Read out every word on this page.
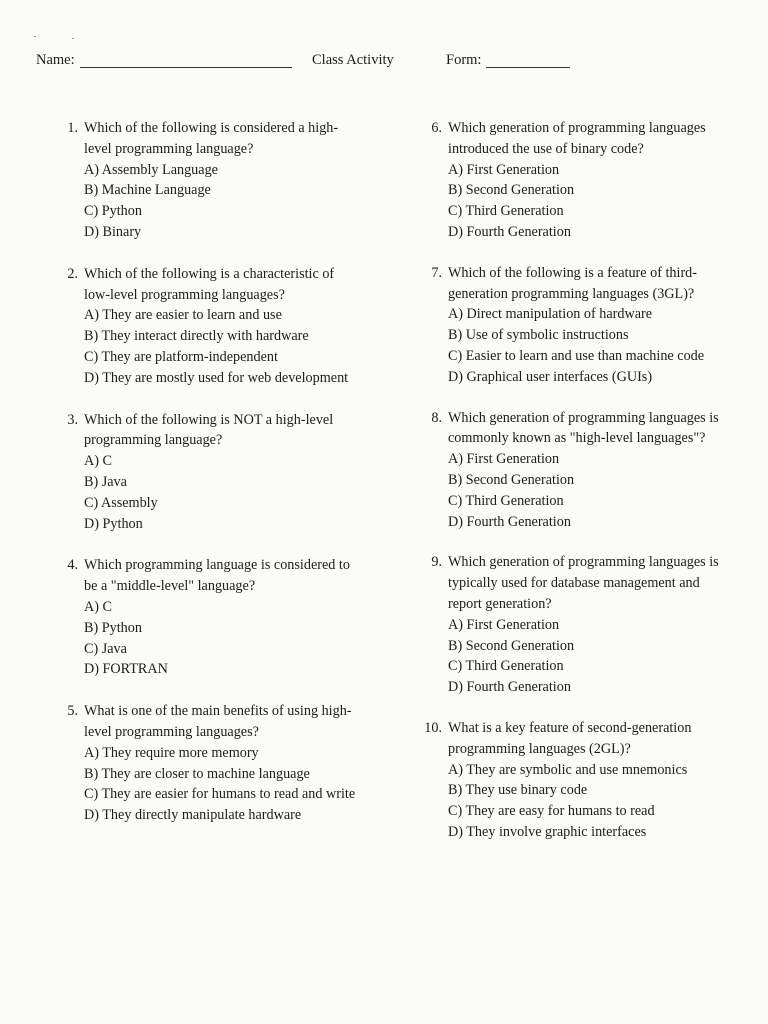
Name:	Class Activity	Form:
1. Which of the following is considered a high-level programming language?
A) Assembly Language
B) Machine Language
C) Python
D) Binary
2. Which of the following is a characteristic of low-level programming languages?
A) They are easier to learn and use
B) They interact directly with hardware
C) They are platform-independent
D) They are mostly used for web development
3. Which of the following is NOT a high-level programming language?
A) C
B) Java
C) Assembly
D) Python
4. Which programming language is considered to be a "middle-level" language?
A) C
B) Python
C) Java
D) FORTRAN
5. What is one of the main benefits of using high-level programming languages?
A) They require more memory
B) They are closer to machine language
C) They are easier for humans to read and write
D) They directly manipulate hardware
6. Which generation of programming languages introduced the use of binary code?
A) First Generation
B) Second Generation
C) Third Generation
D) Fourth Generation
7. Which of the following is a feature of third-generation programming languages (3GL)?
A) Direct manipulation of hardware
B) Use of symbolic instructions
C) Easier to learn and use than machine code
D) Graphical user interfaces (GUIs)
8. Which generation of programming languages is commonly known as "high-level languages"?
A) First Generation
B) Second Generation
C) Third Generation
D) Fourth Generation
9. Which generation of programming languages is typically used for database management and report generation?
A) First Generation
B) Second Generation
C) Third Generation
D) Fourth Generation
10. What is a key feature of second-generation programming languages (2GL)?
A) They are symbolic and use mnemonics
B) They use binary code
C) They are easy for humans to read
D) They involve graphic interfaces
